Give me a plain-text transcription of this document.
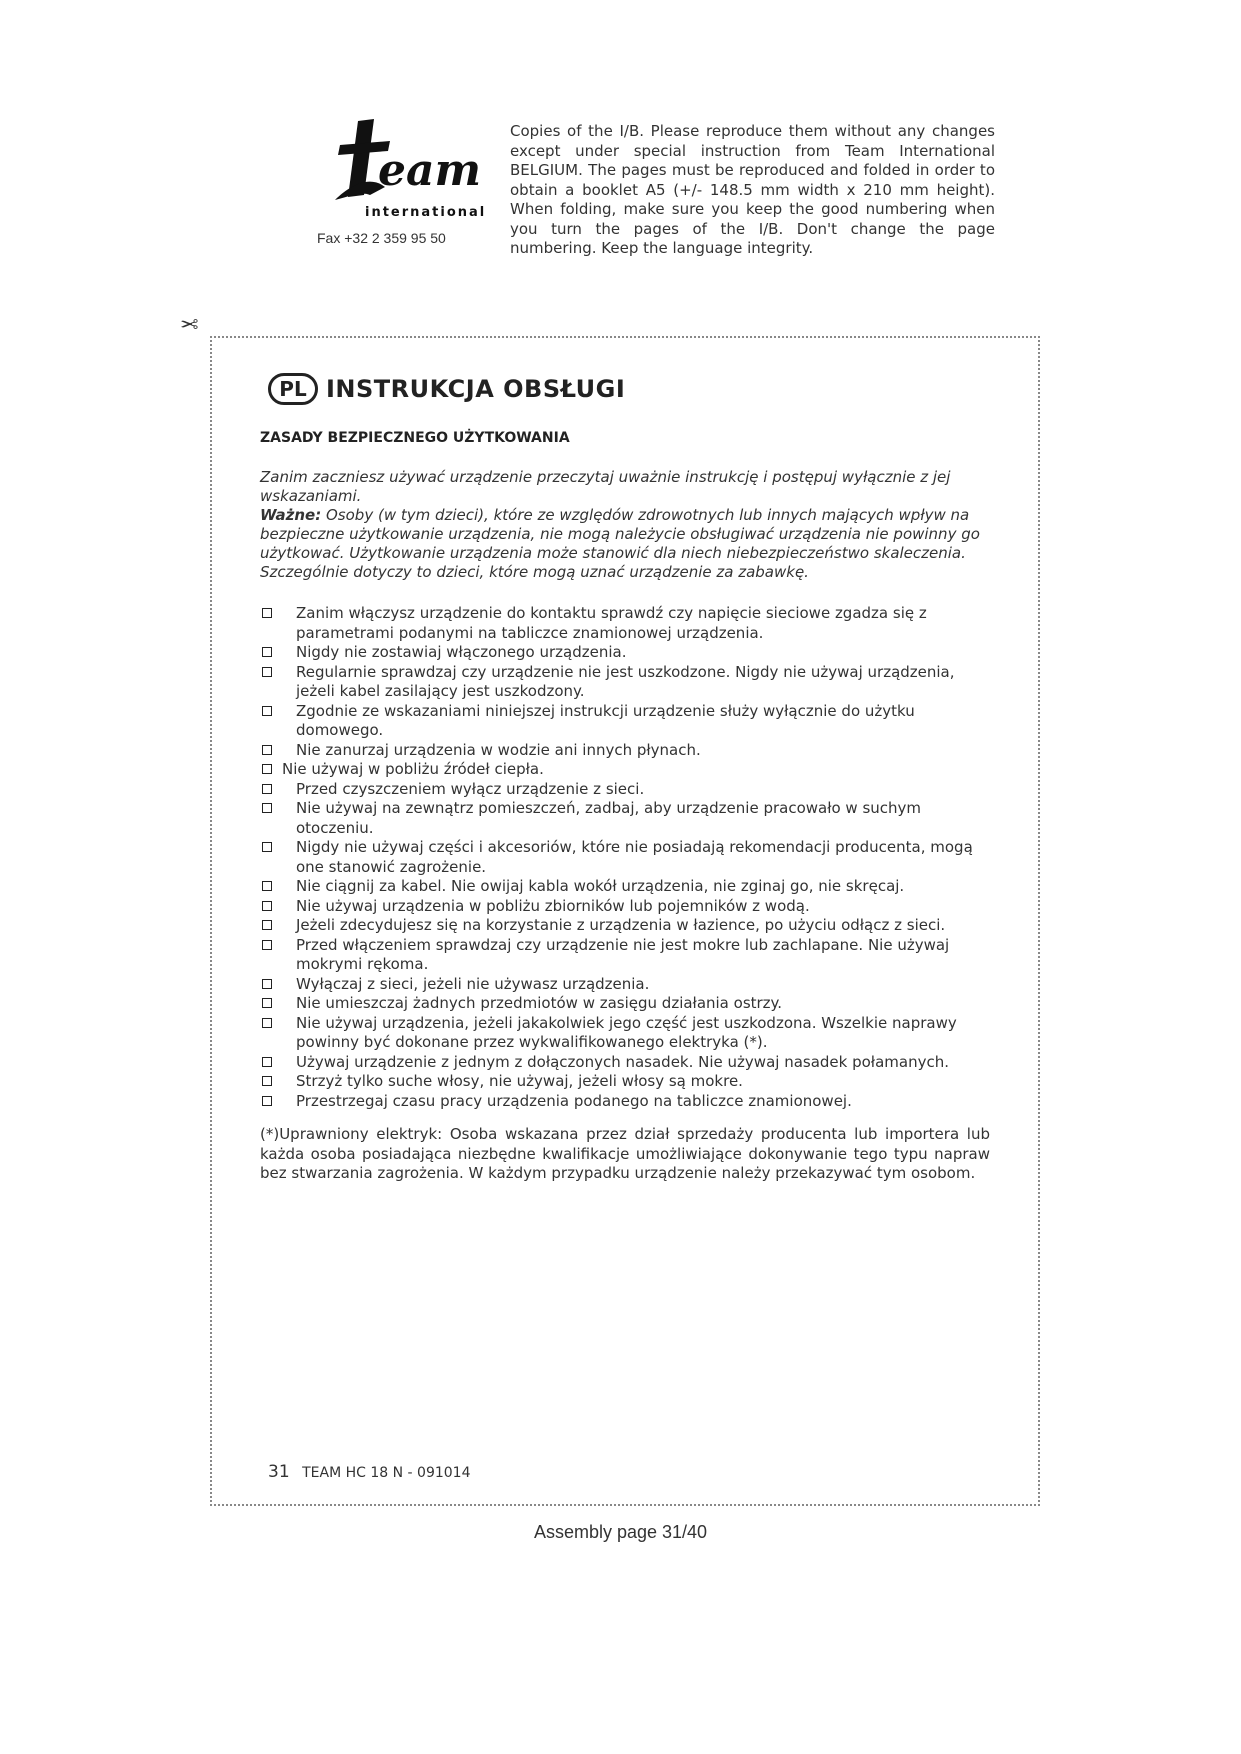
eam
international
Fax +32 2 359 95 50
Copies of the I/B. Please reproduce them without any changes except under special instruction from Team International BELGIUM. The pages must be reproduced and folded in order to obtain a booklet A5 (+/- 148.5 mm width x 210 mm height). When folding, make sure you keep the good numbering when you turn the pages of the I/B. Don't change the page numbering. Keep the language integrity.
✂
PL INSTRUKCJA OBSŁUGI
ZASADY BEZPIECZNEGO UŻYTKOWANIA

Zanim zaczniesz używać urządzenie przeczytaj uważnie instrukcję i postępuj wyłącznie z jej wskazaniami.

Ważne: Osoby (w tym dzieci), które ze względów zdrowotnych lub innych mających wpływ na bezpieczne użytkowanie urządzenia, nie mogą należycie obsługiwać urządzenia nie powinny go użytkować. Użytkowanie urządzenia może stanowić dla niech niebezpieczeństwo skaleczenia. Szczególnie dotyczy to dzieci, które mogą uznać urządzenie za zabawkę.

Zanim włączysz urządzenie do kontaktu sprawdź czy napięcie sieciowe zgadza się z parametrami podanymi na tabliczce znamionowej urządzenia.
Nigdy nie zostawiaj włączonego urządzenia.
Regularnie sprawdzaj czy urządzenie nie jest uszkodzone. Nigdy nie używaj urządzenia, jeżeli kabel zasilający jest uszkodzony.
Zgodnie ze wskazaniami niniejszej instrukcji urządzenie służy wyłącznie do użytku domowego.
Nie zanurzaj urządzenia w wodzie ani innych płynach.
Nie używaj w pobliżu źródeł ciepła.
Przed czyszczeniem wyłącz urządzenie z sieci.
Nie używaj na zewnątrz pomieszczeń, zadbaj, aby urządzenie pracowało w suchym otoczeniu.
Nigdy nie używaj części i akcesoriów, które nie posiadają rekomendacji producenta, mogą one stanowić zagrożenie.
Nie ciągnij za kabel. Nie owijaj kabla wokół urządzenia, nie zginaj go, nie skręcaj.
Nie używaj urządzenia w pobliżu zbiorników lub pojemników z wodą.
Jeżeli zdecydujesz się na korzystanie z urządzenia w łazience, po użyciu odłącz z sieci.
Przed włączeniem sprawdzaj czy urządzenie nie jest mokre lub zachlapane. Nie używaj mokrymi rękoma.
Wyłączaj z sieci, jeżeli nie używasz urządzenia.
Nie umieszczaj żadnych przedmiotów w zasięgu działania ostrzy.
Nie używaj urządzenia, jeżeli jakakolwiek jego część jest uszkodzona. Wszelkie naprawy powinny być dokonane przez wykwalifikowanego elektryka (*).
Używaj urządzenie z jednym z dołączonych nasadek. Nie używaj nasadek połamanych.
Strzyż tylko suche włosy, nie używaj, jeżeli włosy są mokre.
Przestrzegaj czasu pracy urządzenia podanego na tabliczce znamionowej.
(*)Uprawniony elektryk: Osoba wskazana przez dział sprzedaży producenta lub importera lub każda osoba posiadająca niezbędne kwalifikacje umożliwiające dokonywanie tego typu napraw bez stwarzania zagrożenia. W każdym przypadku urządzenie należy przekazywać tym osobom.
31 TEAM HC 18 N - 091014
Assembly page 31/40
